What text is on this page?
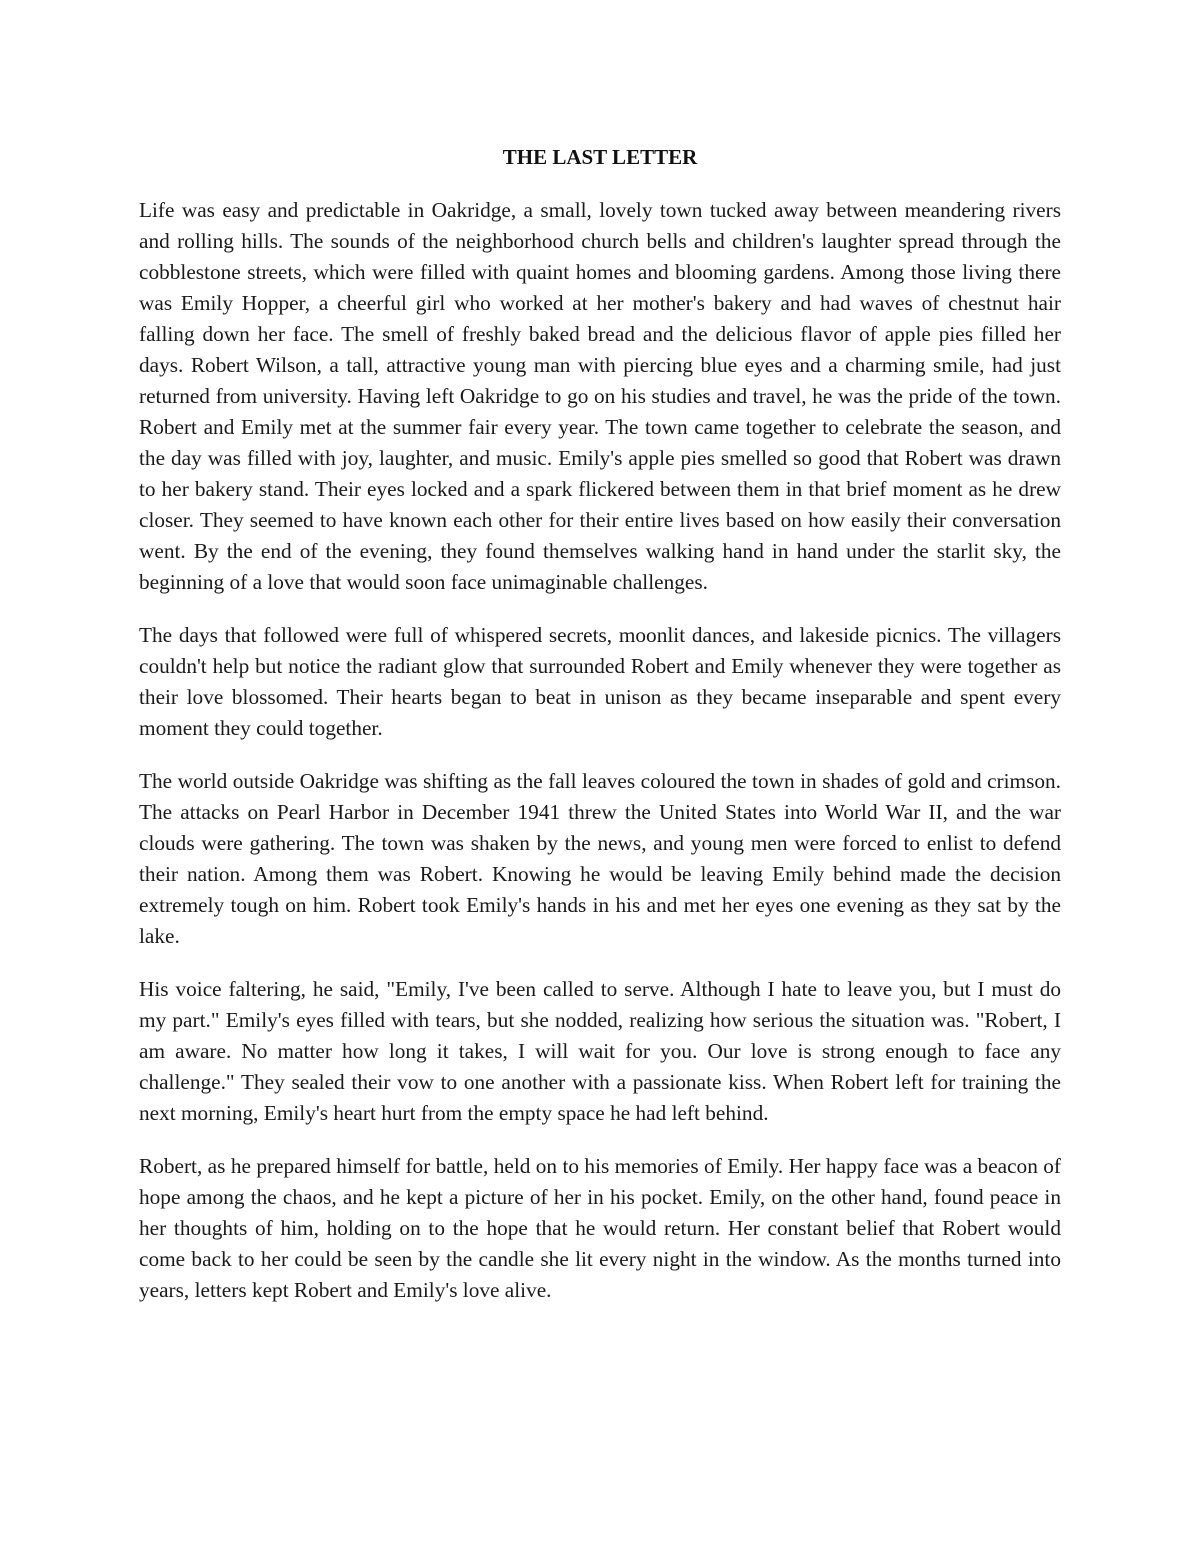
THE LAST LETTER

Life was easy and predictable in Oakridge, a small, lovely town tucked away between meandering rivers and rolling hills. The sounds of the neighborhood church bells and children's laughter spread through the cobblestone streets, which were filled with quaint homes and blooming gardens. Among those living there was Emily Hopper, a cheerful girl who worked at her mother's bakery and had waves of chestnut hair falling down her face. The smell of freshly baked bread and the delicious flavor of apple pies filled her days. Robert Wilson, a tall, attractive young man with piercing blue eyes and a charming smile, had just returned from university. Having left Oakridge to go on his studies and travel, he was the pride of the town. Robert and Emily met at the summer fair every year. The town came together to celebrate the season, and the day was filled with joy, laughter, and music. Emily's apple pies smelled so good that Robert was drawn to her bakery stand. Their eyes locked and a spark flickered between them in that brief moment as he drew closer. They seemed to have known each other for their entire lives based on how easily their conversation went. By the end of the evening, they found themselves walking hand in hand under the starlit sky, the beginning of a love that would soon face unimaginable challenges.

The days that followed were full of whispered secrets, moonlit dances, and lakeside picnics. The villagers couldn't help but notice the radiant glow that surrounded Robert and Emily whenever they were together as their love blossomed. Their hearts began to beat in unison as they became inseparable and spent every moment they could together.

The world outside Oakridge was shifting as the fall leaves coloured the town in shades of gold and crimson. The attacks on Pearl Harbor in December 1941 threw the United States into World War II, and the war clouds were gathering. The town was shaken by the news, and young men were forced to enlist to defend their nation. Among them was Robert. Knowing he would be leaving Emily behind made the decision extremely tough on him. Robert took Emily's hands in his and met her eyes one evening as they sat by the lake.

His voice faltering, he said, "Emily, I've been called to serve. Although I hate to leave you, but I must do my part." Emily's eyes filled with tears, but she nodded, realizing how serious the situation was. "Robert, I am aware. No matter how long it takes, I will wait for you. Our love is strong enough to face any challenge." They sealed their vow to one another with a passionate kiss. When Robert left for training the next morning, Emily's heart hurt from the empty space he had left behind.

Robert, as he prepared himself for battle, held on to his memories of Emily. Her happy face was a beacon of hope among the chaos, and he kept a picture of her in his pocket. Emily, on the other hand, found peace in her thoughts of him, holding on to the hope that he would return. Her constant belief that Robert would come back to her could be seen by the candle she lit every night in the window. As the months turned into years, letters kept Robert and Emily's love alive.
